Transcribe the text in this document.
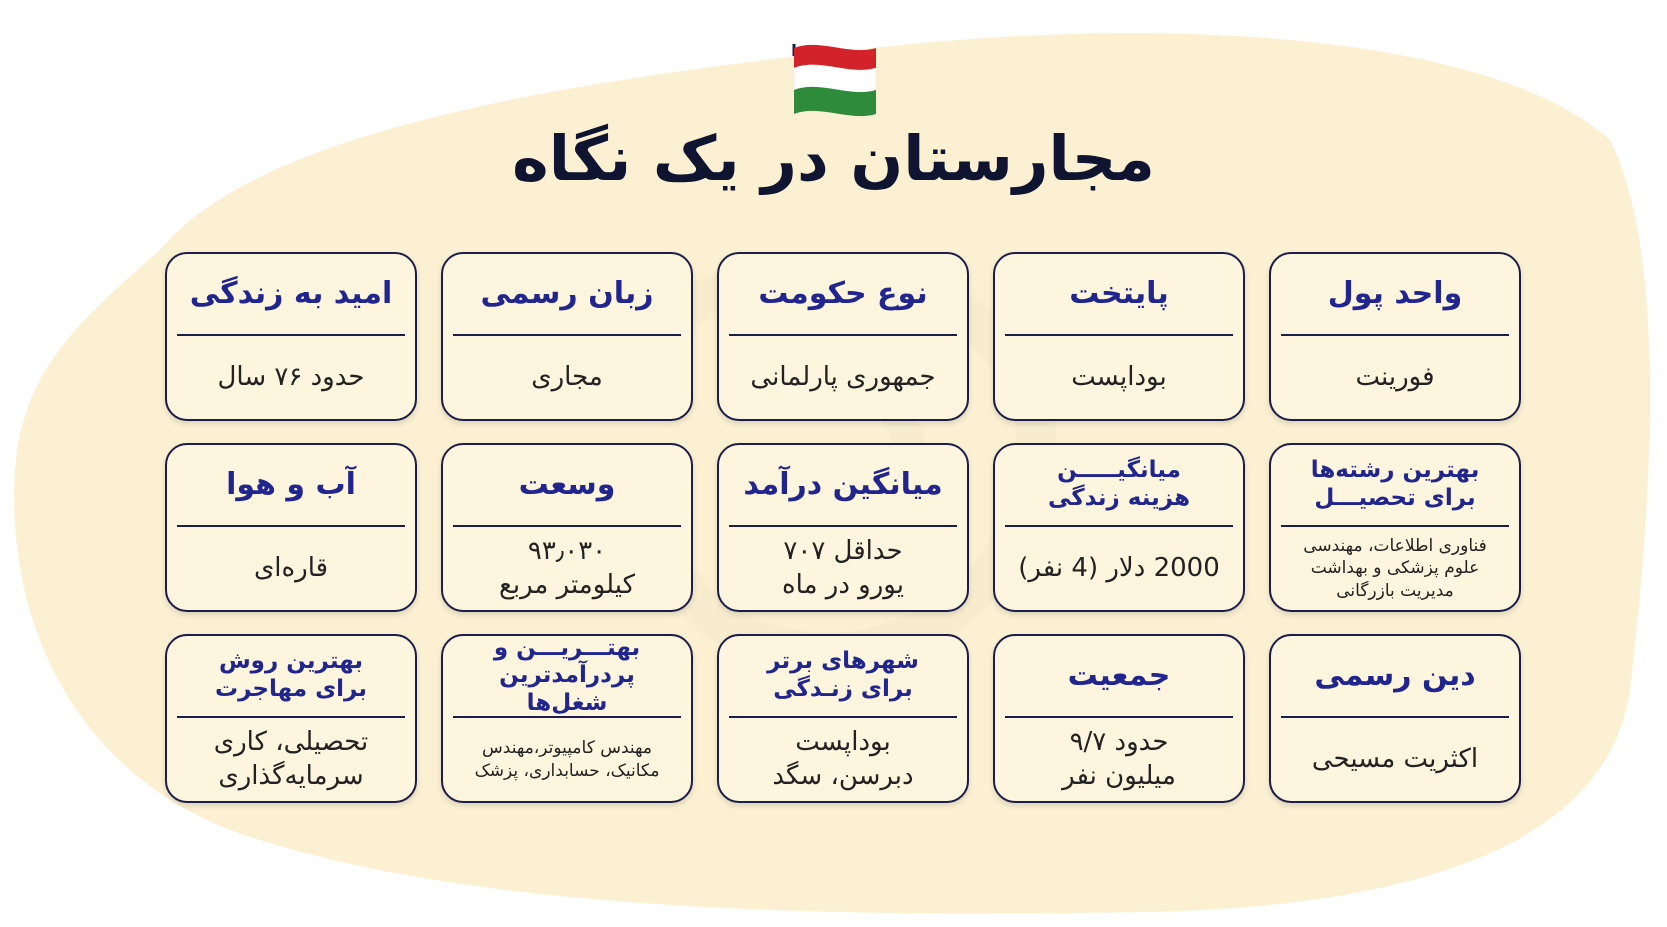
مجارستان در یک نگاه
واحد پول
فورینت
پایتخت
بوداپست
نوع حکومت
جمهوری پارلمانی
زبان رسمی
مجاری
امید به زندگی
حدود ۷۶ سال
بهترین رشته‌ها
برای تحصیـــل
فناوری اطلاعات، مهندسی
علوم پزشکی و بهداشت
مدیریت بازرگانی
میانگیـــــن
هزینه زندگی
2000 دلار (4 نفر)
میانگین درآمد
حداقل ۷۰۷
یورو در ماه
وسعت
۹۳٫۰۳۰
کیلومتر مربع
آب و هوا
قاره‌ای
دین رسمی
اکثریت مسیحی
جمعیت
حدود ۹/۷
میلیون نفر
شهرهای برتر
برای زنـدگی
بوداپست
دبرسن، سگد
بهتـــریـــن و
پردرآمدترین شغل‌ها
مهندس کامپیوتر،مهندس
مکانیک، حسابداری، پزشک
بهترین روش
برای مهاجرت
تحصیلی، کاری
سرمایه‌گذاری
